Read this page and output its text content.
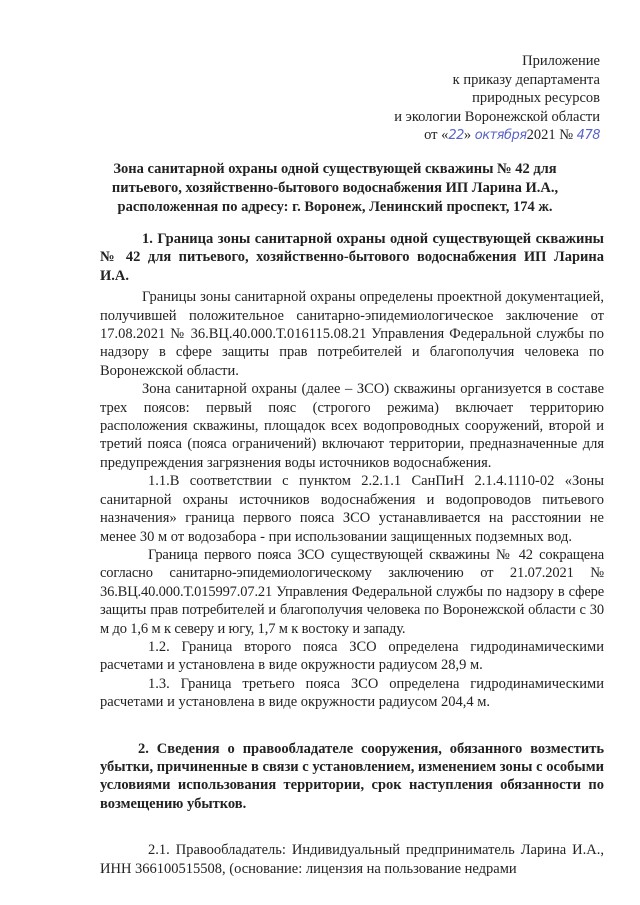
Приложение
к приказу департамента
природных ресурсов
и экологии Воронежской области
от «22» октября2021 № 478
Зона санитарной охраны одной существующей скважины № 42 для
питьевого, хозяйственно-бытового водоснабжения ИП Ларина И.А.,
расположенная по адресу: г. Воронеж, Ленинский проспект, 174 ж.

1. Граница зоны санитарной охраны одной существующей скважины № 42 для питьевого, хозяйственно-бытового водоснабжения ИП Ларина И.А.

Границы зоны санитарной охраны определены проектной документацией, получившей положительное санитарно-эпидемиологическое заключение от 17.08.2021 № 36.ВЦ.40.000.Т.016115.08.21 Управления Федеральной службы по надзору в сфере защиты прав потребителей и благополучия человека по Воронежской области.

Зона санитарной охраны (далее – ЗСО) скважины организуется в составе трех поясов: первый пояс (строгого режима) включает территорию расположения скважины, площадок всех водопроводных сооружений, второй и третий пояса (пояса ограничений) включают территории, предназначенные для предупреждения загрязнения воды источников водоснабжения.

1.1.В соответствии с пунктом 2.2.1.1 СанПиН 2.1.4.1110-02 «Зоны санитарной охраны источников водоснабжения и водопроводов питьевого назначения» граница первого пояса ЗСО устанавливается на расстоянии не менее 30 м от водозабора - при использовании защищенных подземных вод.

Граница первого пояса ЗСО существующей скважины № 42 сокращена согласно санитарно-эпидемиологическому заключению от 21.07.2021 № 36.ВЦ.40.000.Т.015997.07.21 Управления Федеральной службы по надзору в сфере защиты прав потребителей и благополучия человека по Воронежской области с 30 м до 1,6 м к северу и югу, 1,7 м к востоку и западу.

1.2. Граница второго пояса ЗСО определена гидродинамическими расчетами и установлена в виде окружности радиусом 28,9 м.

1.3. Граница третьего пояса ЗСО определена гидродинамическими расчетами и установлена в виде окружности радиусом 204,4 м.

2. Сведения о правообладателе сооружения, обязанного возместить убытки, причиненные в связи с установлением, изменением зоны с особыми условиями использования территории, срок наступления обязанности по возмещению убытков.

2.1. Правообладатель: Индивидуальный предприниматель Ларина И.А., ИНН 366100515508, (основание: лицензия на пользование недрами
